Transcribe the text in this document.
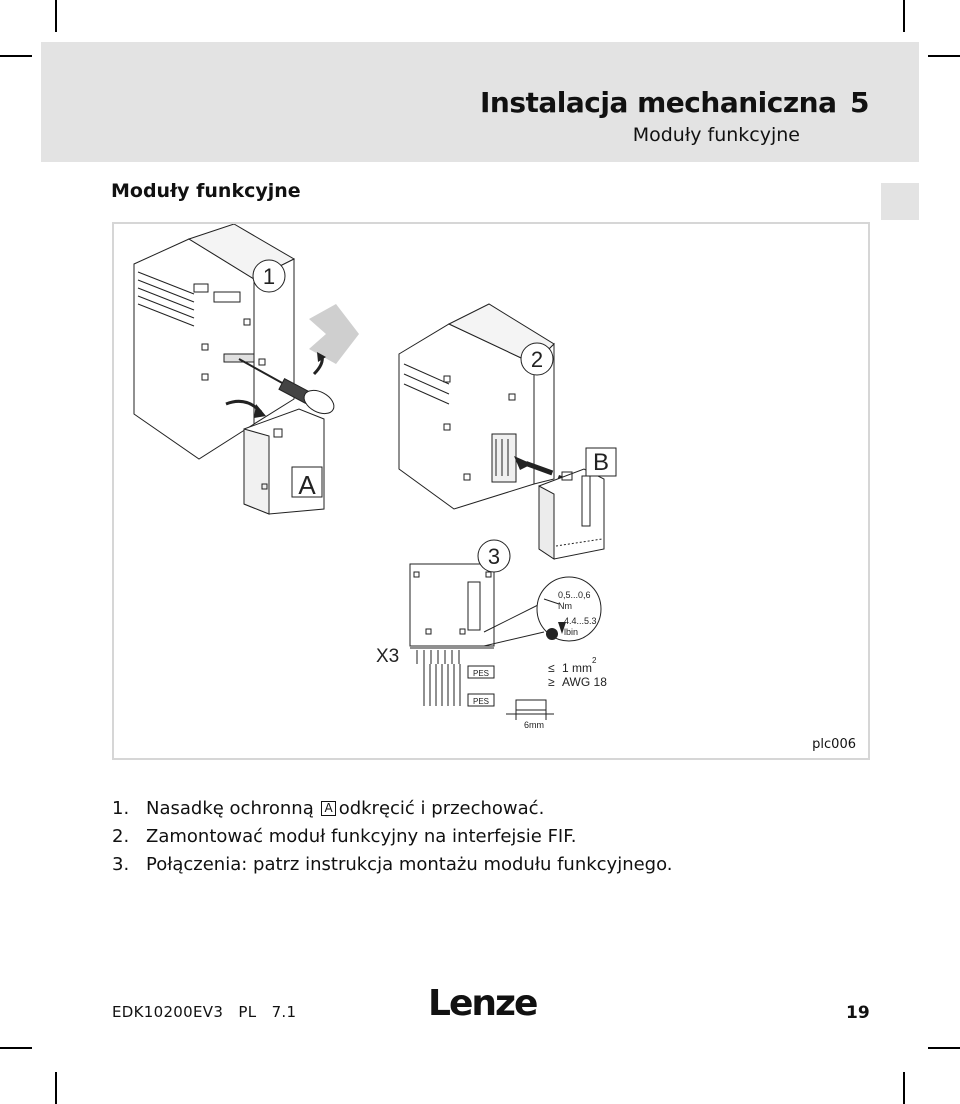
Instalacja mechaniczna 5
Moduły funkcyjne
Moduły funkcyjne
1
2
3
A
B
X3
PES
PES
0,5...0,6
Nm
4.4...5.3
lbin
≤ 1 mm
2
≥ AWG 18
6mm
plc006
1. Nasadkę ochronną A odkręcić i przechować.
2. Zamontować moduł funkcyjny na interfejsie FIF.
3. Połączenia: patrz instrukcja montażu modułu funkcyjnego.
EDK10200EV3   PL   7.1	Lenze	19
